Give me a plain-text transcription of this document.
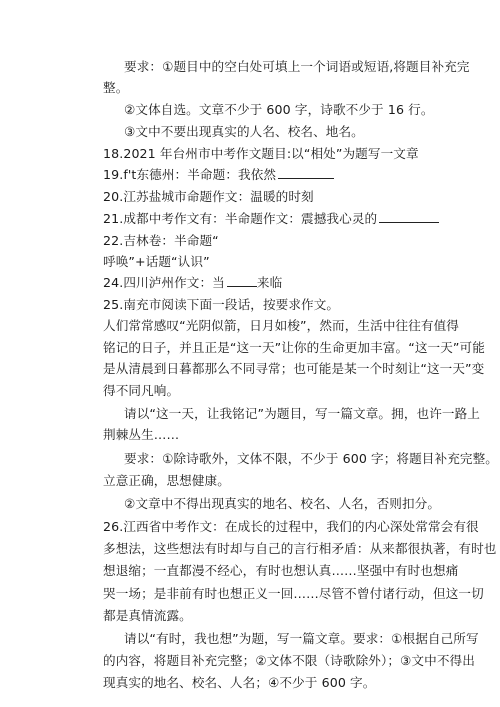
要求：①题目中的空白处可填上一个词语或短语,将题目补充完
整。
②文体自选。文章不少于 600 字，诗歌不少于 16 行。
③文中不要出现真实的人名、校名、地名。
18.2021 年台州市中考作文题目:以“相处”为题写一文章
19.f't东德州：半命题：我依然
20.江苏盐城市命题作文：温暖的时刻
21.成都中考作文有：半命题作文：震撼我心灵的
22.吉林卷：半命题“
呼唤”+话题“认识”
24.四川泸州作文：当	来临
25.南充市阅读下面一段话，按要求作文。
人们常常感叹“光阴似箭，日月如梭”，然而，生活中往往有值得
铭记的日子，并且正是“这一天”让你的生命更加丰富。“这一天”可能
是从清晨到日暮都那么不同寻常；也可能是某一个时刻让“这一天”变
得不同凡响。
请以“这一天，让我铭记”为题目，写一篇文章。拥，也许一路上
荆棘丛生……
要求：①除诗歌外，文体不限，不少于 600 字；将题目补充完整。
立意正确，思想健康。
②文章中不得出现真实的地名、校名、人名，否则扣分。
26.江西省中考作文：在成长的过程中，我们的内心深处常常会有很
多想法，这些想法有时却与自己的言行相矛盾：从来都很执著，有时也
想退缩；一直都漫不经心，有时也想认真……坚强中有时也想痛
哭一场；是非前有时也想正义一回……尽管不曾付诸行动，但这一切
都是真情流露。
请以“有时，我也想”为题，写一篇文章。要求：①根据自己所写
的内容，将题目补充完整；②文体不限（诗歌除外）；③文中不得出
现真实的地名、校名、人名；④不少于 600 字。
